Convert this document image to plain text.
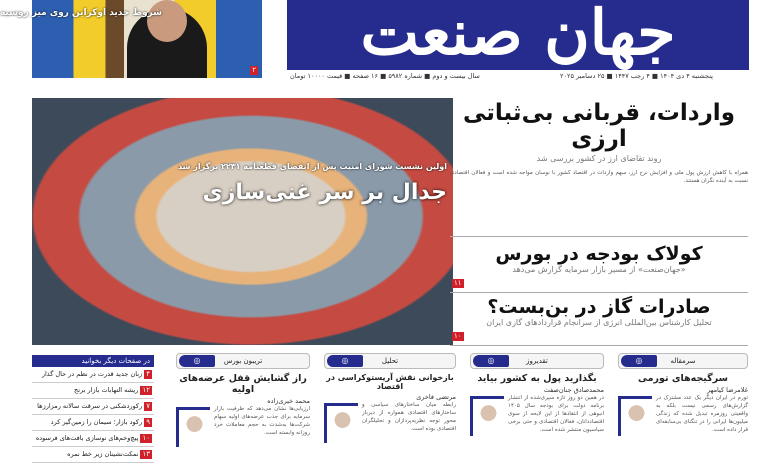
شروط جدید اوکراین روی میز روسیه
۲
جهان صنعت
پنجشنبه ۴ دی ۱۴۰۴ ■ ۴ رجب ۱۴۴۷ ■ ۲۵ دسامبر ۲۰۲۵
سال بیست و دوم ■ شماره ۵۹۸۲ ■ ۱۶ صفحه ■ قیمت ۱۰۰۰۰ تومان
اولین نشست شورای امنیت پس از انقضای قطعنامه ۲۲۳۱ برگزار شد
جدال بر سر غنی‌سازی
واردات، قربانی بی‌ثباتی ارزی
روند تقاضای ارز در کشور بررسی شد
همراه با کاهش ارزش پول ملی و افزایش نرخ ارز، سهم واردات در اقتصاد کشور با نوسان مواجه شده است و فعالان اقتصادی نسبت به آینده نگران هستند.
کولاک بودجه در بورس
«جهان‌صنعت» از مسیر بازار سرمایه گزارش می‌دهد
۱۱
صادرات گاز در بن‌بست؟
تحلیل کارشناس بین‌المللی انرژی از سرانجام قراردادهای گازی ایران
۱۰
سرمقاله
◎
سرگیجه‌های تورمی
غلامرضا کیامهر
تورم در ایران دیگر یک عدد مشترک در گزارش‌های رسمی نیست بلکه به واقعیتی روزمره تبدیل شده که زندگی میلیون‌ها ایرانی را در تنگنای بی‌سابقه‌ای قرار داده است.
تقدیروز
◎
بگذارید پول به کشور بیاید
محمدصادق جنان‌صفت
در همین دو روز تازه سپری‌شده از انتشار برنامه دولت برای بودجه سال ۱۴۰۵ انبوهی از انتقادها از این لایحه از سوی اقتصاددانان، فعالان اقتصادی و حتی برخی سیاسیون منتشر شده است.
تحلیل
◎
بازخوانی نقش آریستوکراسی در اقتصاد
مرتضی فاخری
رابطه میان ساختارهای سیاسی و ساختارهای اقتصادی همواره از دیرباز محور توجه نظریه‌پردازان و تحلیلگران اقتصادی بوده است.
تریبون بورس
◎
راز گشایش قفل عرضه‌های اولیه
محمد خیری‌زاده
ارزیابی‌ها نشان می‌دهد که ظرفیت بازار سرمایه برای جذب عرضه‌های اولیه سهام شرکت‌ها به‌شدت به حجم معاملات خرد روزانه وابسته است.
در صفحات دیگر بخوانید
۴ زبان جدید قدرت در نظم در حال گذار
۱۲ ریشه التهابات بازار برنج
۷ رکوردشکنی در سرقت سالانه رمزارزها
۹ رکود بازار؛ سیمان را زمین‌گیر کرد
۱۰ پیچ‌وخم‌های نوسازی بافت‌های فرسوده
۱۳ نمکت‌نشینان زیر خط نمره
